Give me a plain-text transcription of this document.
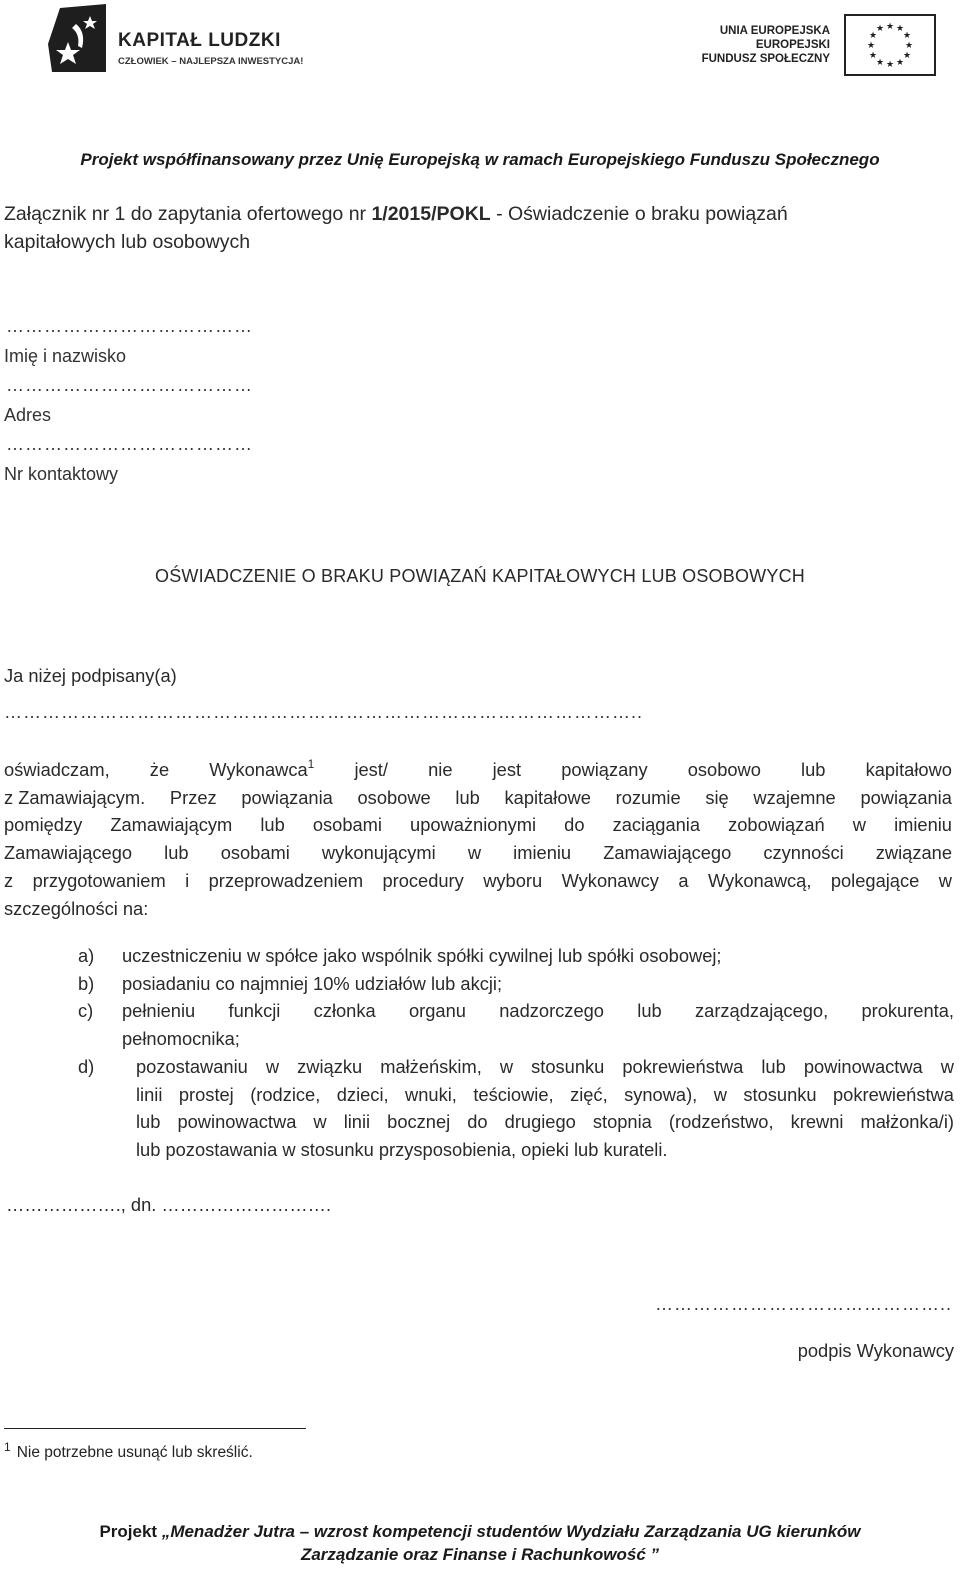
KAPITAŁ LUDZKI
CZŁOWIEK – NAJLEPSZA INWESTYCJA!
UNIA EUROPEJSKA
EUROPEJSKI
FUNDUSZ SPOŁECZNY
★ ★
★
★
★
★
★
★
★
★
★
★
Projekt współfinansowany przez Unię Europejską w ramach Europejskiego Funduszu Społecznego
Załącznik nr 1 do zapytania ofertowego nr 1/2015/POKL - Oświadczenie o braku powiązań
kapitałowych lub osobowych
…………………………………
Imię i nazwisko
…………………………………
Adres
…………………………………
Nr kontaktowy
OŚWIADCZENIE O BRAKU POWIĄZAŃ KAPITAŁOWYCH LUB OSOBOWYCH
Ja niżej podpisany(a)
………………………………………………………………………………………..
oświadczam, że Wykonawca$^1$ jest/ nie jest powiązany osobowo lub kapitałowo
z Zamawiającym. Przez powiązania osobowe lub kapitałowe rozumie się wzajemne powiązania
pomiędzy Zamawiającym lub osobami upoważnionymi do zaciągania zobowiązań w imieniu
Zamawiającego lub osobami wykonującymi w imieniu Zamawiającego czynności związane
z przygotowaniem i przeprowadzeniem procedury wyboru Wykonawcy a Wykonawcą, polegające w
szczególności na:
a)	uczestniczeniu w spółce jako wspólnik spółki cywilnej lub spółki osobowej;
b)	posiadaniu co najmniej 10% udziałów lub akcji;
c)	pełnieniu funkcji członka organu nadzorczego lub zarządzającego, prokurenta,
pełnomocnika;
d)	pozostawaniu w związku małżeńskim, w stosunku pokrewieństwa lub powinowactwa w
linii prostej (rodzice, dzieci, wnuki, teściowie, zięć, synowa), w stosunku pokrewieństwa
lub powinowactwa w linii bocznej do drugiego stopnia (rodzeństwo, krewni małżonka/i)
lub pozostawania w stosunku przysposobienia, opieki lub kurateli.
………………., dn. ……………………….
………………………………………..
podpis Wykonawcy
$^1$ Nie potrzebne usunąć lub skreślić.
Projekt „Menadżer Jutra – wzrost kompetencji studentów Wydziału Zarządzania UG kierunków
Zarządzanie oraz Finanse i Rachunkowość ”
